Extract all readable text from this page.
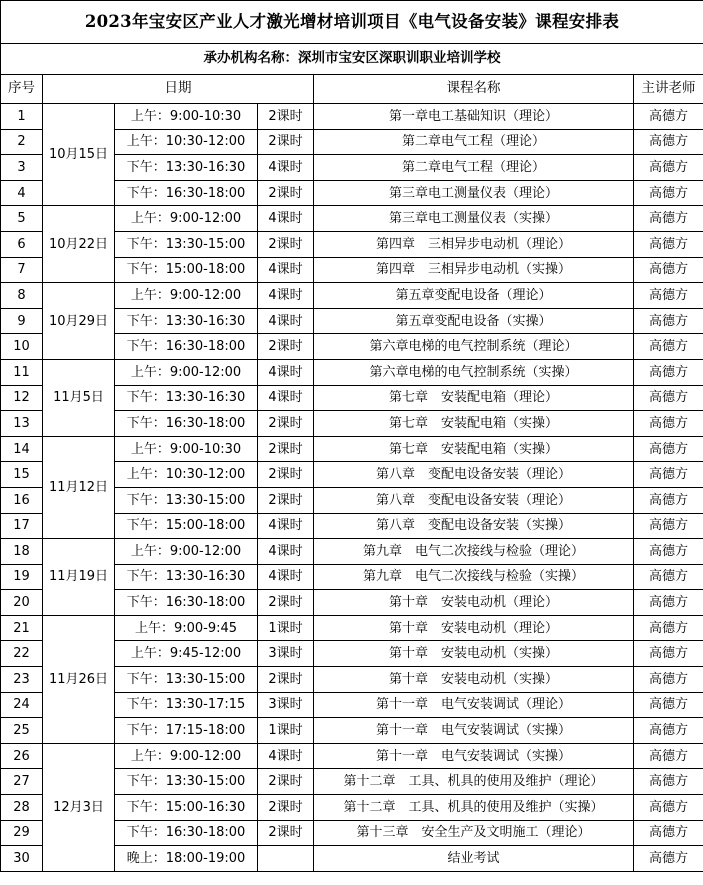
2023年宝安区产业人才激光增材培训项目《电气设备安装》课程安排表					
承办机构名称：深圳市宝安区深职训职业培训学校					
序号	日期			课程名称	主讲老师
1	10月15日	上午：9:00-10:30	2课时	第一章电工基础知识（理论）	高德方
2		上午：10:30-12:00	2课时	第二章电气工程（理论）	高德方
3		下午：13:30-16:30	4课时	第二章电气工程（理论）	高德方
4		下午：16:30-18:00	2课时	第三章电工测量仪表（理论）	高德方
5	10月22日	上午：9:00-12:00	4课时	第三章电工测量仪表（实操）	高德方
6		下午：13:30-15:00	2课时	第四章　三相异步电动机（理论）	高德方
7		下午：15:00-18:00	4课时	第四章　三相异步电动机（实操）	高德方
8	10月29日	上午：9:00-12:00	4课时	第五章变配电设备（理论）	高德方
9		下午：13:30-16:30	4课时	第五章变配电设备（实操）	高德方
10		下午：16:30-18:00	2课时	第六章电梯的电气控制系统（理论）	高德方
11	11月5日	上午：9:00-12:00	4课时	第六章电梯的电气控制系统（实操）	高德方
12		下午：13:30-16:30	4课时	第七章　安装配电箱（理论）	高德方
13		下午：16:30-18:00	2课时	第七章　安装配电箱（实操）	高德方
14	11月12日	上午：9:00-10:30	2课时	第七章　安装配电箱（实操）	高德方
15		上午：10:30-12:00	2课时	第八章　变配电设备安装（理论）	高德方
16		下午：13:30-15:00	2课时	第八章　变配电设备安装（理论）	高德方
17		下午：15:00-18:00	4课时	第八章　变配电设备安装（实操）	高德方
18	11月19日	上午：9:00-12:00	4课时	第九章　电气二次接线与检验（理论）	高德方
19		下午：13:30-16:30	4课时	第九章　电气二次接线与检验（实操）	高德方
20		下午：16:30-18:00	2课时	第十章　安装电动机（理论）	高德方
21	11月26日	上午：9:00-9:45	1课时	第十章　安装电动机（理论）	高德方
22		上午：9:45-12:00	3课时	第十章　安装电动机（实操）	高德方
23		下午：13:30-15:00	2课时	第十章　安装电动机（实操）	高德方
24		下午：13:30-17:15	3课时	第十一章　电气安装调试（理论）	高德方
25		下午：17:15-18:00	1课时	第十一章　电气安装调试（实操）	高德方
26	12月3日	上午：9:00-12:00	4课时	第十一章　电气安装调试（实操）	高德方
27		下午：13:30-15:00	2课时	第十二章　工具、机具的使用及维护（理论）	高德方
28		下午：15:00-16:30	2课时	第十二章　工具、机具的使用及维护（实操）	高德方
29		下午：16:30-18:00	2课时	第十三章　安全生产及文明施工（理论）	高德方
30		晚上：18:00-19:00		结业考试	高德方
